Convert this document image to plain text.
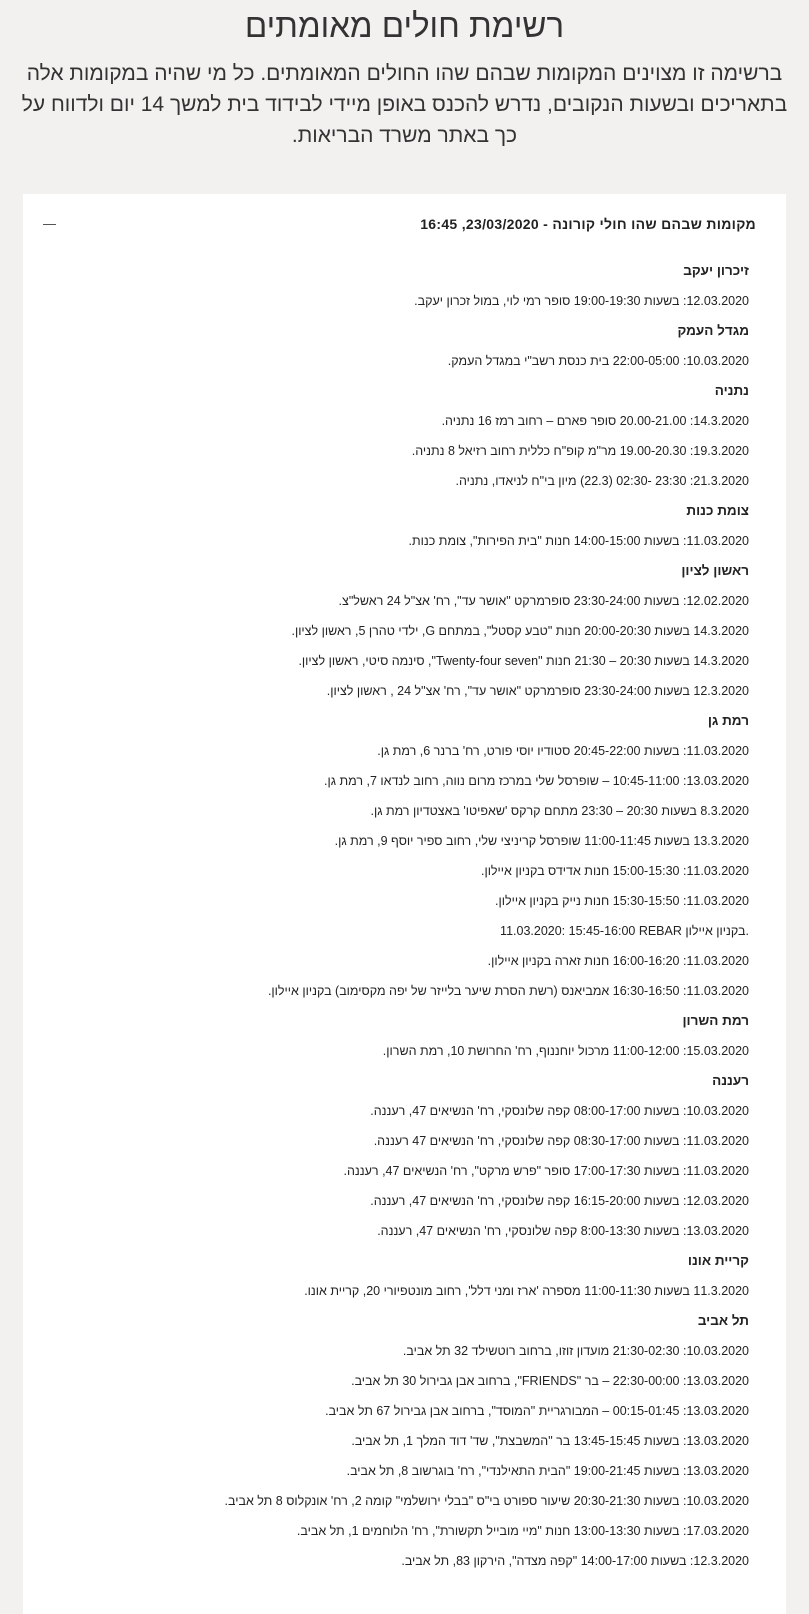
רשימת חולים מאומתים

ברשימה זו מצוינים המקומות שבהם שהו החולים המאומתים. כל מי שהיה במקומות אלה בתאריכים ובשעות הנקובים, נדרש להכנס באופן מיידי לבידוד בית למשך 14 יום ולדווח על כך באתר משרד הבריאות.

מקומות שבהם שהו חולי קורונה - 23/03/2020, 16:45
זיכרון יעקב
12.03.2020: בשעות 19:00-19:30 סופר רמי לוי, במול זכרון יעקב.
מגדל העמק
10.03.2020: 22:00-05:00 בית כנסת רשב"י במגדל העמק.
נתניה
14.3.2020: 20.00-21.00 סופר פארם – רחוב רמז 16 נתניה.
19.3.2020: 19.00-20.30 מר"מ קופ"ח כללית רחוב רזיאל 8 נתניה.
21.3.2020: 23:30 -02:30 (22.3) מיון בי"ח לניאדו, נתניה.
צומת כנות
11.03.2020: בשעות 14:00-15:00 חנות "בית הפירות", צומת כנות.
ראשון לציון
12.02.2020: בשעות 23:30-24:00 סופרמרקט "אושר עד", רח' אצ"ל 24 ראשל"צ.
14.3.2020 בשעות 20:00-20:30 חנות "טבע קסטל", במתחם G, ילדי טהרן 5, ראשון לציון.
14.3.2020 בשעות 20:30 – 21:30 חנות "Twenty-four seven", סינמה סיטי, ראשון לציון.
12.3.2020 בשעות 23:30-24:00 סופרמרקט "אושר עד", רח' אצ"ל 24 , ראשון לציון.
רמת גן
11.03.2020: בשעות 20:45-22:00 סטודיו יוסי פורט, רח' ברנר 6, רמת גן.
13.03.2020: 10:45-11:00 – שופרסל שלי במרכז מרום נווה, רחוב לנדאו 7, רמת גן.
8.3.2020 בשעות 20:30 – 23:30 מתחם קרקס 'שאפיטו' באצטדיון רמת גן.
13.3.2020 בשעות 11:00-11:45 שופרסל קריניצי שלי, רחוב ספיר יוסף 9, רמת גן.
11.03.2020: 15:00-15:30 חנות אדידס בקניון איילון.
11.03.2020: 15:30-15:50 חנות נייק בקניון איילון.
11.03.2020: 15:45-16:00 REBAR בקניון איילון.
11.03.2020: 16:00-16:20 חנות זארה בקניון איילון.
11.03.2020: 16:30-16:50 אמביאנס (רשת הסרת שיער בלייזר של יפה מקסימוב) בקניון איילון.
רמת השרון
15.03.2020: 11:00-12:00 מרכול יוחננוף, רח' החרושת 10, רמת השרון.
רעננה
10.03.2020: בשעות 08:00-17:00 קפה שלונסקי, רח' הנשיאים 47, רעננה.
11.03.2020: בשעות 08:30-17:00 קפה שלונסקי, רח' הנשיאים 47 רעננה.
11.03.2020: בשעות 17:00-17:30 סופר "פרש מרקט", רח' הנשיאים 47, רעננה.
12.03.2020: בשעות 16:15-20:00 קפה שלונסקי, רח' הנשיאים 47, רעננה.
13.03.2020: בשעות 8:00-13:30 קפה שלונסקי, רח' הנשיאים 47, רעננה.
קריית אונו
11.3.2020 בשעות 11:00-11:30 מספרה 'ארז ומני דלל', רחוב מונטפיורי 20, קריית אונו.
תל אביב
10.03.2020: 21:30-02:30 מועדון זוזו, ברחוב רוטשילד 32 תל אביב.
13.03.2020: 22:30-00:00 – בר "FRIENDS", ברחוב אבן גבירול 30 תל אביב.
13.03.2020: 00:15-01:45 – המבורגריית "המוסד", ברחוב אבן גבירול 67 תל אביב.
13.03.2020: בשעות 13:45-15:45 בר "המשבצת", שד' דוד המלך 1, תל אביב.
13.03.2020: בשעות 19:00-21:45 "הבית התאילנדי", רח' בוגרשוב 8, תל אביב.
10.03.2020: בשעות 20:30-21:30 שיעור ספורט בי"ס "בבלי ירושלמי" קומה 2, רח' אונקלוס 8 תל אביב.
17.03.2020: בשעות 13:00-13:30 חנות "מיי מובייל תקשורת", רח' הלוחמים 1, תל אביב.
12.3.2020: בשעות 14:00-17:00 "קפה מצדה", הירקון 83, תל אביב.
